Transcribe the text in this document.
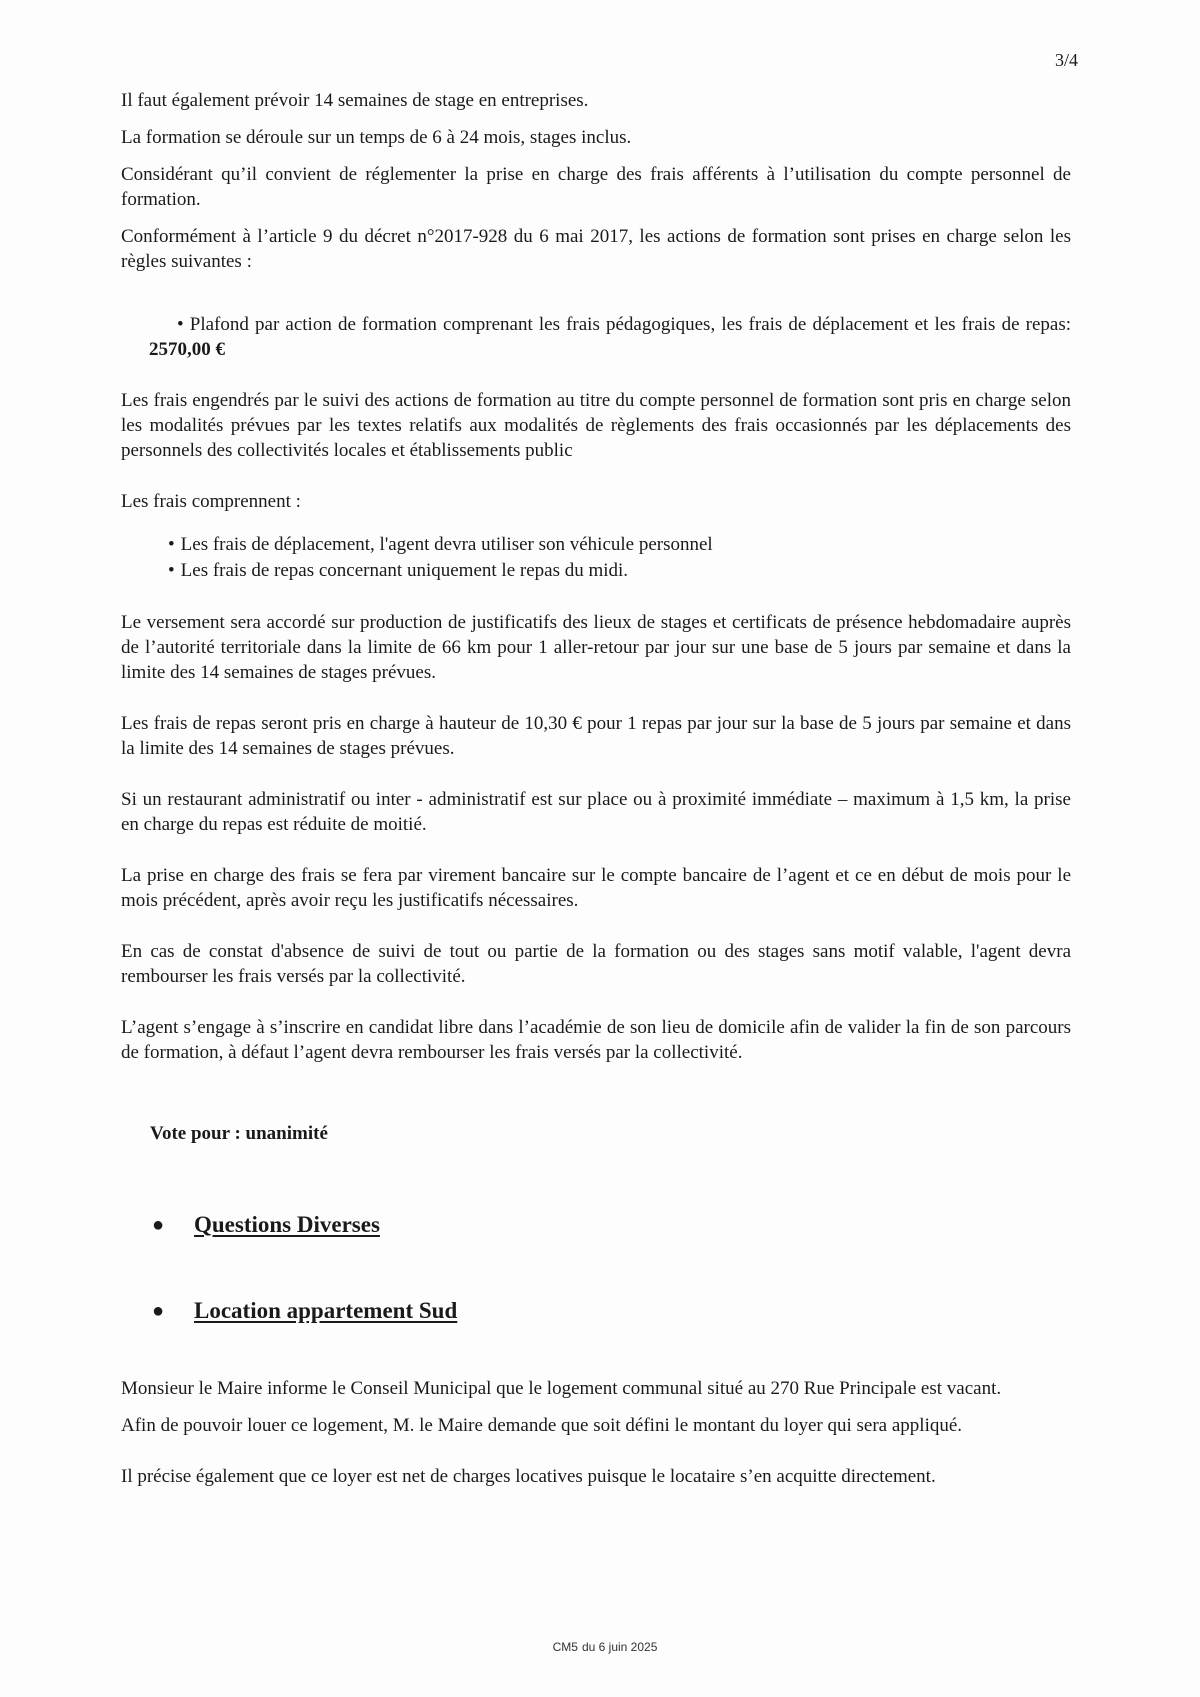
3/4

Il faut également prévoir 14 semaines de stage en entreprises.

La formation se déroule sur un temps de 6 à 24 mois, stages inclus.

Considérant qu’il convient de réglementer la prise en charge des frais afférents à l’utilisation du compte personnel de formation.

Conformément à l’article 9 du décret n°2017-928 du 6 mai 2017, les actions de formation sont prises en charge selon les règles suivantes :

• Plafond par action de formation comprenant les frais pédagogiques, les frais de déplacement et les frais de repas: 2570,00 €

Les frais engendrés par le suivi des actions de formation au titre du compte personnel de formation sont pris en charge selon les modalités prévues par les textes relatifs aux modalités de règlements des frais occasionnés par les déplacements des personnels des collectivités locales et établissements public

Les frais comprennent :

• Les frais de déplacement, l'agent devra utiliser son véhicule personnel
• Les frais de repas concernant uniquement le repas du midi.

Le versement sera accordé sur production de justificatifs des lieux de stages et certificats de présence hebdomadaire auprès de l’autorité territoriale dans la limite de 66 km pour 1 aller-retour par jour sur une base de 5 jours par semaine et dans la limite des 14 semaines de stages prévues.

Les frais de repas seront pris en charge à hauteur de 10,30 € pour 1 repas par jour sur la base de 5 jours par semaine et dans la limite des 14 semaines de stages prévues.

Si un restaurant administratif ou inter - administratif est sur place ou à proximité immédiate – maximum à 1,5 km, la prise en charge du repas est réduite de moitié.

La prise en charge des frais se fera par virement bancaire sur le compte bancaire de l’agent et ce en début de mois pour le mois précédent, après avoir reçu les justificatifs nécessaires.

En cas de constat d'absence de suivi de tout ou partie de la formation ou des stages sans motif valable, l'agent devra rembourser les frais versés par la collectivité.

L’agent s’engage à s’inscrire en candidat libre dans l’académie de son lieu de domicile afin de valider la fin de son parcours de formation, à défaut l’agent devra rembourser les frais versés par la collectivité.

Vote pour : unanimité

● Questions Diverses
● Location appartement Sud

Monsieur le Maire informe le Conseil Municipal que le logement communal situé au 270 Rue Principale est vacant.

Afin de pouvoir louer ce logement, M. le Maire demande que soit défini le montant du loyer qui sera appliqué.

Il précise également que ce loyer est net de charges locatives puisque le locataire s’en acquitte directement.

CM5 du 6 juin 2025
